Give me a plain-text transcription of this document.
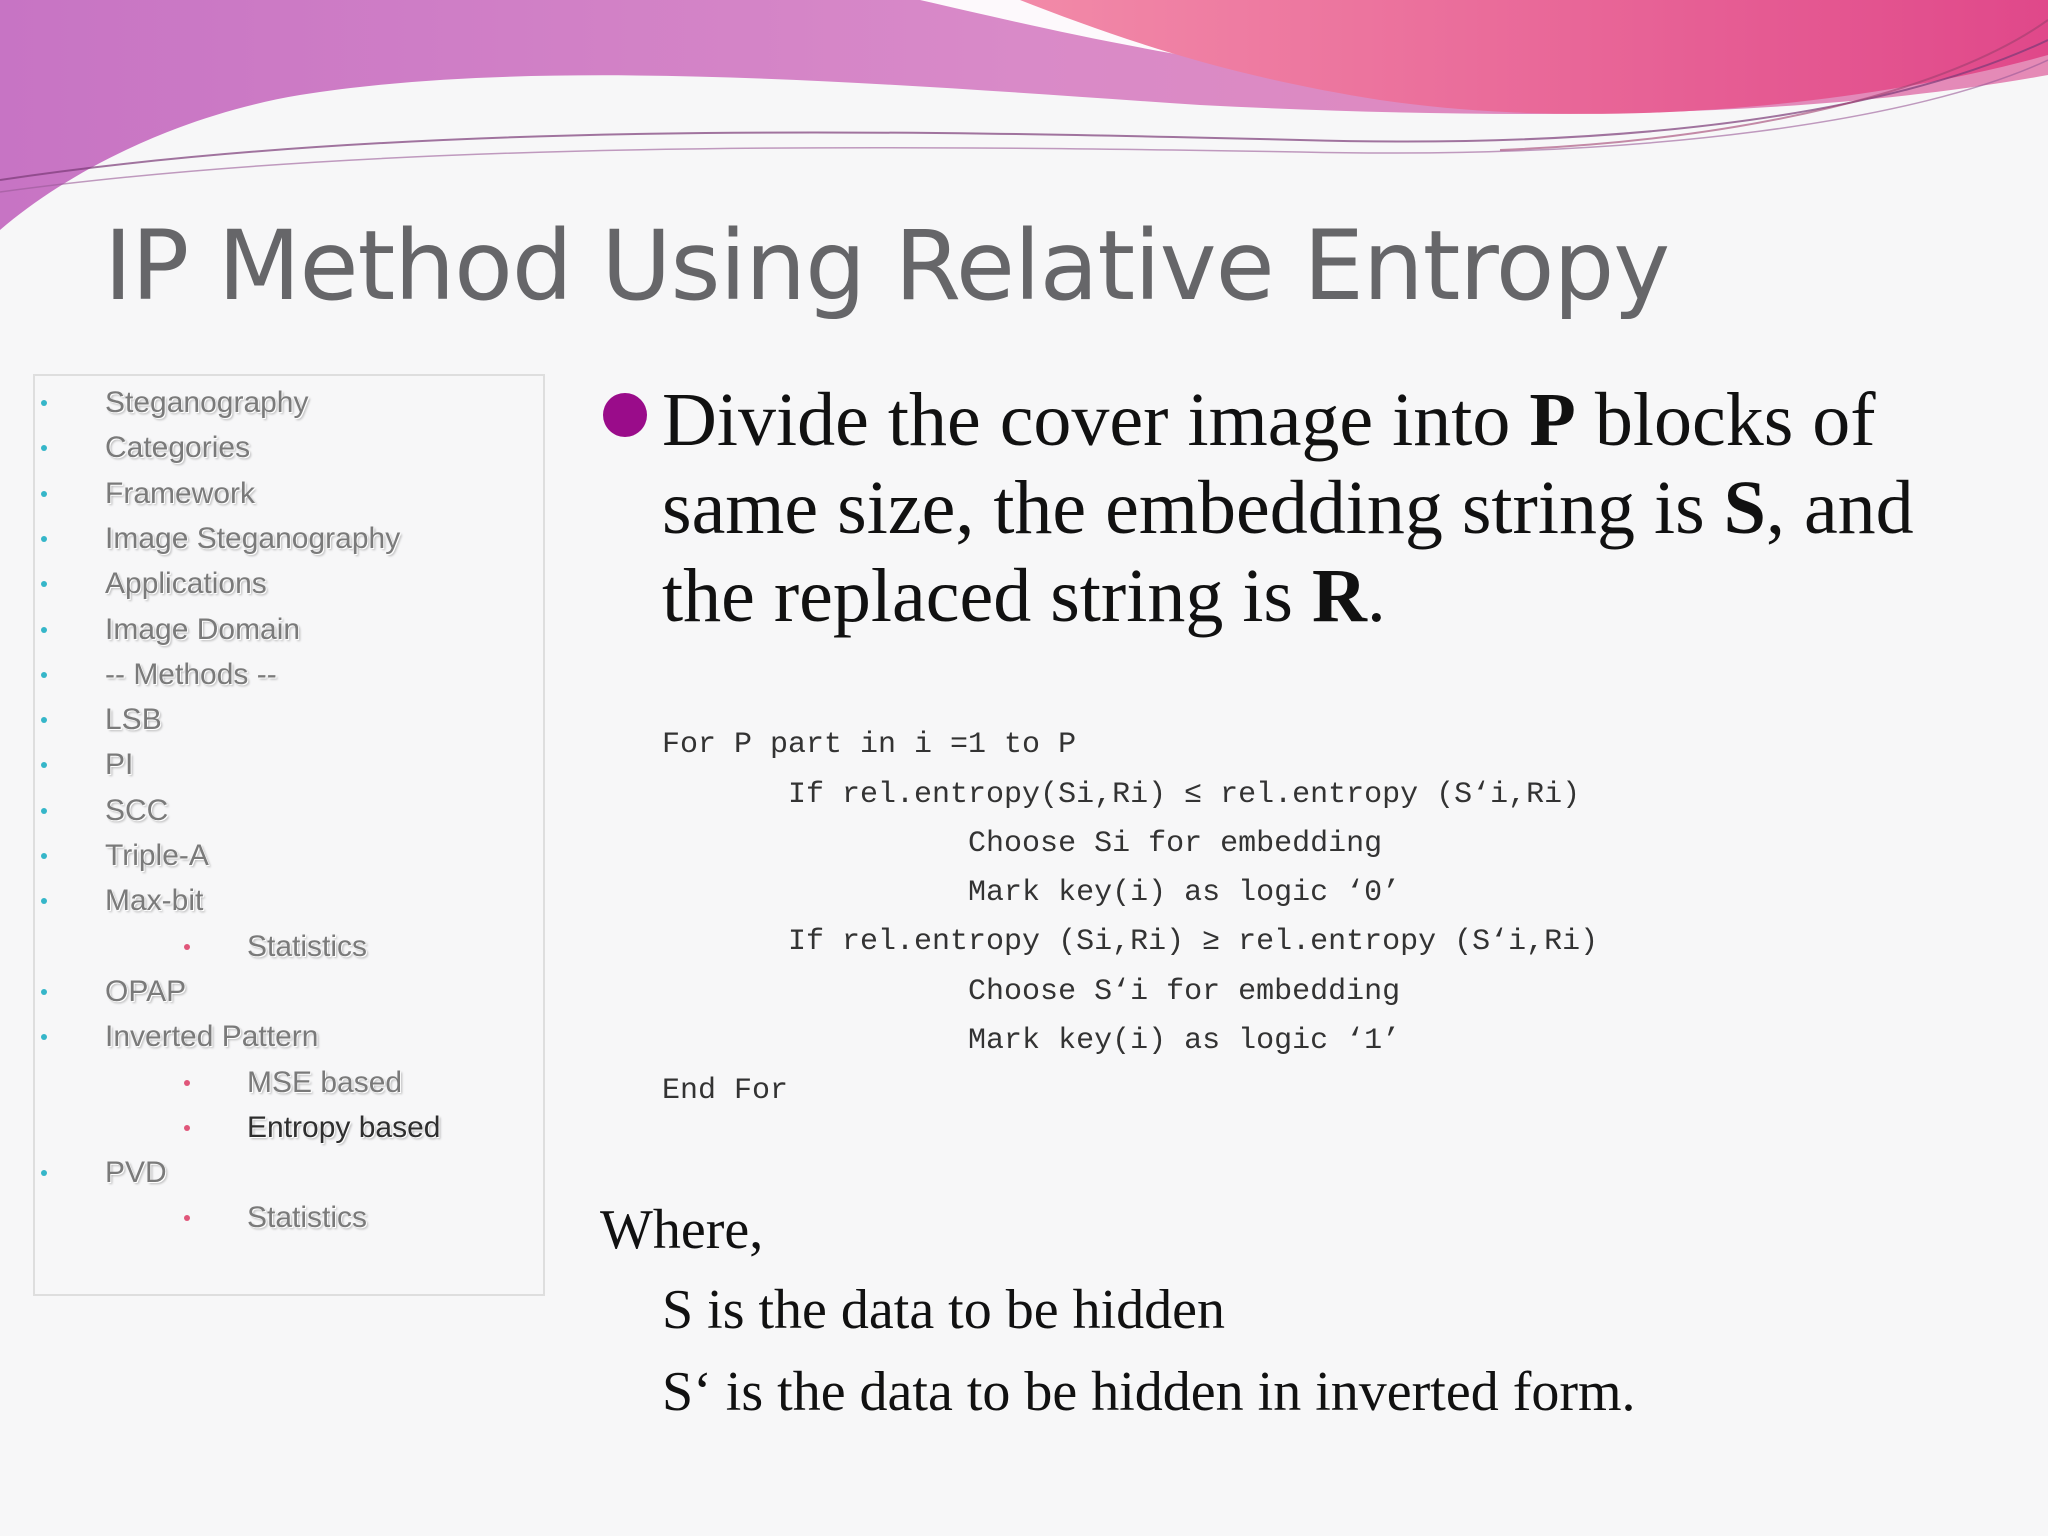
IP Method Using Relative Entropy
Steganography
Categories
Framework
Image Steganography
Applications
Image Domain
-- Methods --
LSB
PI
SCC
Triple-A
Max-bit
Statistics
OPAP
Inverted Pattern
MSE based
Entropy based
PVD
Statistics

Divide the cover image into P blocks of same size, the embedding string is S, and the replaced string is R.

For P part in i =1 to P

If rel.entropy(Si,Ri) ≤ rel.entropy (S‘i,Ri)

Choose Si for embedding

Mark key(i) as logic ‘0’

If rel.entropy (Si,Ri) ≥ rel.entropy (S‘i,Ri)

Choose S‘i for embedding

Mark key(i) as logic ‘1’

End For

Where,

S is the data to be hidden
S‘ is the data to be hidden in inverted form.
